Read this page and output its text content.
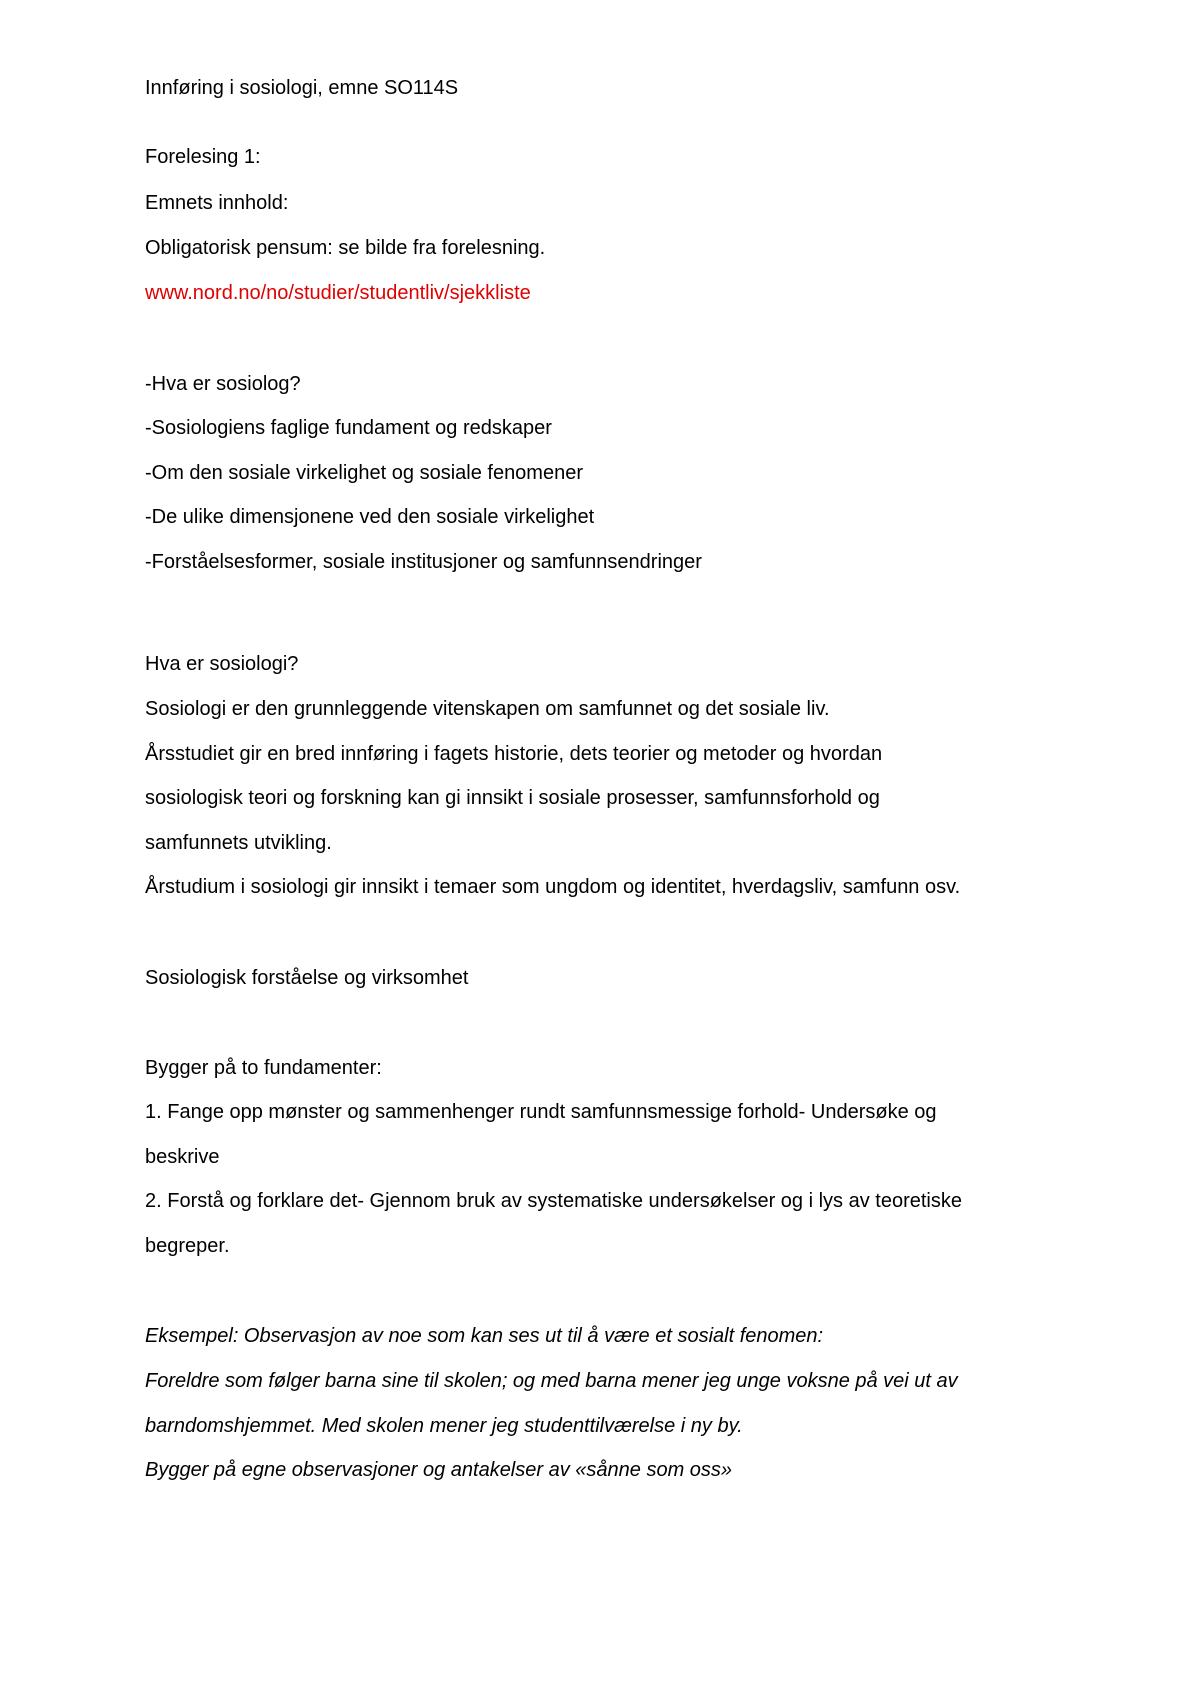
Innføring i sosiologi, emne SO114S
Forelesing 1:
Emnets innhold:
Obligatorisk pensum: se bilde fra forelesning.
www.nord.no/no/studier/studentliv/sjekkliste
-Hva er sosiolog?
-Sosiologiens faglige fundament og redskaper
-Om den sosiale virkelighet og sosiale fenomener
-De ulike dimensjonene ved den sosiale virkelighet
-Forståelsesformer, sosiale institusjoner og samfunnsendringer
Hva er sosiologi?
Sosiologi er den grunnleggende vitenskapen om samfunnet og det sosiale liv.
Årsstudiet gir en bred innføring i fagets historie, dets teorier og metoder og hvordan
sosiologisk teori og forskning kan gi innsikt i sosiale prosesser, samfunnsforhold og
samfunnets utvikling.
Årstudium i sosiologi gir innsikt i temaer som ungdom og identitet, hverdagsliv, samfunn osv.
Sosiologisk forståelse og virksomhet
Bygger på to fundamenter:
1. Fange opp mønster og sammenhenger rundt samfunnsmessige forhold- Undersøke og
beskrive
2. Forstå og forklare det- Gjennom bruk av systematiske undersøkelser og i lys av teoretiske
begreper.
Eksempel: Observasjon av noe som kan ses ut til å være et sosialt fenomen:
Foreldre som følger barna sine til skolen; og med barna mener jeg unge voksne på vei ut av
barndomshjemmet. Med skolen mener jeg studenttilværelse i ny by.
Bygger på egne observasjoner og antakelser av «sånne som oss»
